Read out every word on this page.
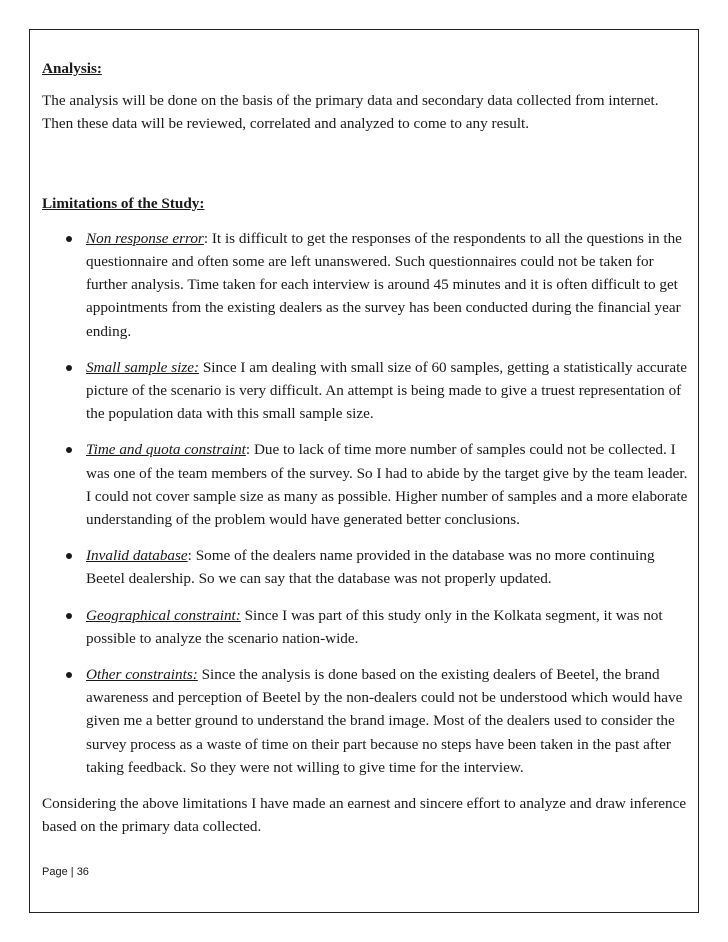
Analysis:

The analysis will be done on the basis of the primary data and secondary data collected from internet. Then these data will be reviewed, correlated and analyzed to come to any result.

Limitations of the Study:

Non response error: It is difficult to get the responses of the respondents to all the questions in the questionnaire and often some are left unanswered. Such questionnaires could not be taken for further analysis. Time taken for each interview is around 45 minutes and it is often difficult to get appointments from the existing dealers as the survey has been conducted during the financial year ending.
Small sample size: Since I am dealing with small size of 60 samples, getting a statistically accurate picture of the scenario is very difficult. An attempt is being made to give a truest representation of the population data with this small sample size.
Time and quota constraint: Due to lack of time more number of samples could not be collected. I was one of the team members of the survey. So I had to abide by the target give by the team leader. I could not cover sample size as many as possible. Higher number of samples and a more elaborate understanding of the problem would have generated better conclusions.
Invalid database: Some of the dealers name provided in the database was no more continuing Beetel dealership. So we can say that the database was not properly updated.
Geographical constraint: Since I was part of this study only in the Kolkata segment, it was not possible to analyze the scenario nation-wide.
Other constraints: Since the analysis is done based on the existing dealers of Beetel, the brand awareness and perception of Beetel by the non-dealers could not be understood which would have given me a better ground to understand the brand image. Most of the dealers used to consider the survey process as a waste of time on their part because no steps have been taken in the past after taking feedback. So they were not willing to give time for the interview.

Considering the above limitations I have made an earnest and sincere effort to analyze and draw inference based on the primary data collected.

Page | 36
